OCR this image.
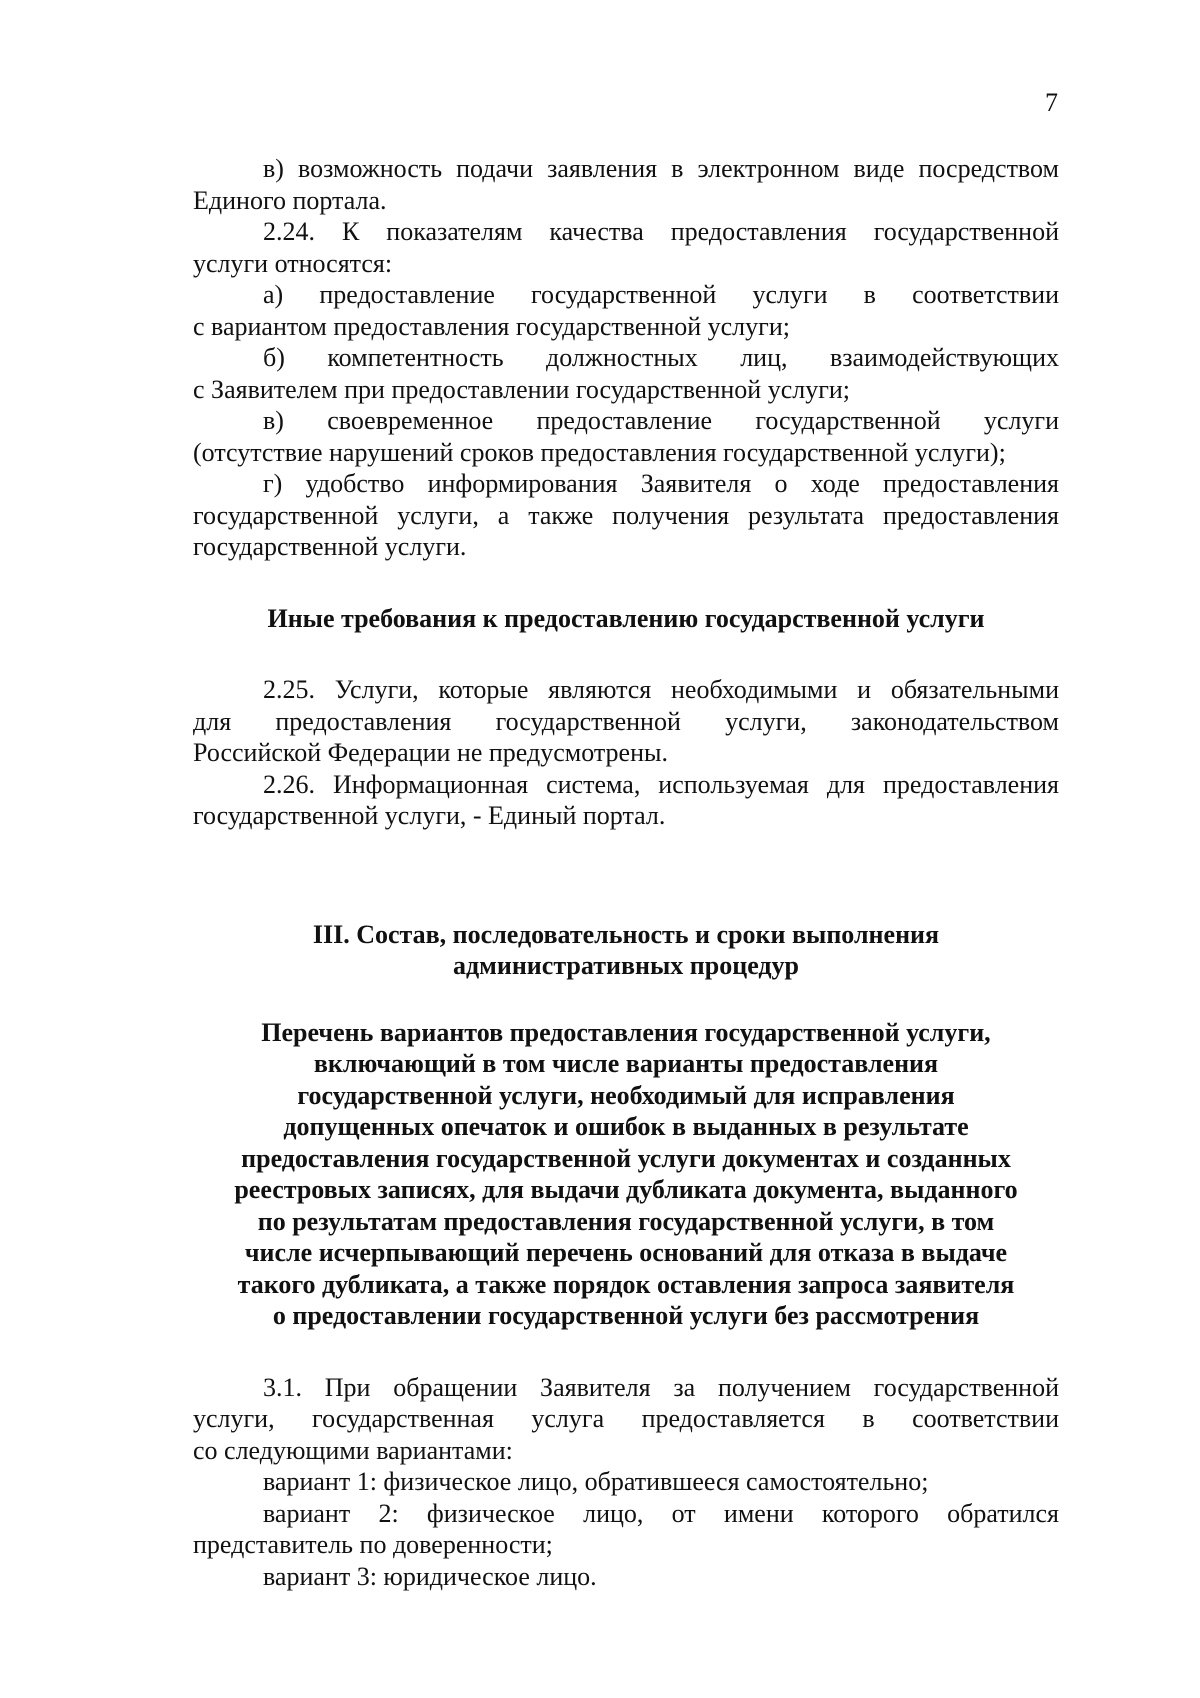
7

в) возможность подачи заявления в электронном виде посредством
Единого портала.

2.24. К показателям качества предоставления государственной
услуги относятся:

а) предоставление государственной услуги в соответствии
с вариантом предоставления государственной услуги;

б) компетентность должностных лиц, взаимодействующих
с Заявителем при предоставлении государственной услуги;

в) своевременное предоставление государственной услуги
(отсутствие нарушений сроков предоставления государственной услуги);

г) удобство информирования Заявителя о ходе предоставления
государственной услуги, а также получения результата предоставления
государственной услуги.

Иные требования к предоставлению государственной услуги

2.25. Услуги, которые являются необходимыми и обязательными
для предоставления государственной услуги, законодательством
Российской Федерации не предусмотрены.

2.26. Информационная система, используемая для предоставления
государственной услуги, - Единый портал.

III. Состав, последовательность и сроки выполнения
административных процедур
Перечень вариантов предоставления государственной услуги,
включающий в том числе варианты предоставления
государственной услуги, необходимый для исправления
допущенных опечаток и ошибок в выданных в результате
предоставления государственной услуги документах и созданных
реестровых записях, для выдачи дубликата документа, выданного
по результатам предоставления государственной услуги, в том
числе исчерпывающий перечень оснований для отказа в выдаче
такого дубликата, а также порядок оставления запроса заявителя
о предоставлении государственной услуги без рассмотрения

3.1. При обращении Заявителя за получением государственной
услуги, государственная услуга предоставляется в соответствии
со следующими вариантами:

вариант 1: физическое лицо, обратившееся самостоятельно;

вариант 2: физическое лицо, от имени которого обратился
представитель по доверенности;

вариант 3: юридическое лицо.
